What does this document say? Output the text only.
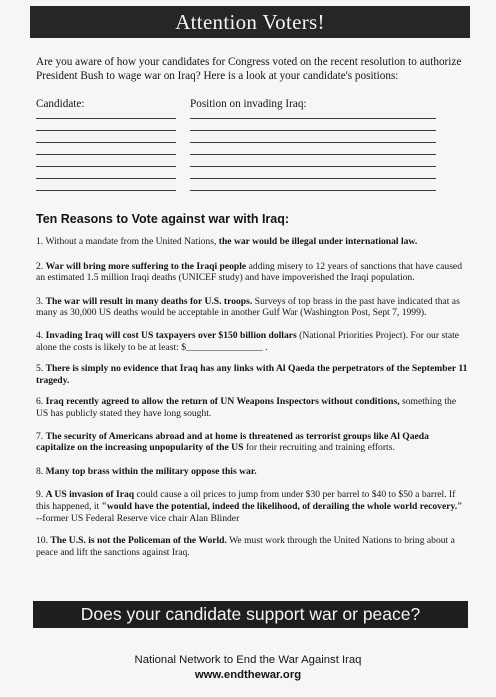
Attention Voters!
Are you aware of how your candidates for Congress voted on the recent resolution to authorize President Bush to wage war on Iraq? Here is a look at your candidate's positions:
Candidate:	Position on invading Iraq:
Ten Reasons to Vote against war with Iraq:
1. Without a mandate from the United Nations, the war would be illegal under international law.
2. War will bring more suffering to the Iraqi people adding misery to 12 years of sanctions that have caused an estimated 1.5 million Iraqi deaths (UNICEF study) and have impoverished the Iraqi population.
3. The war will result in many deaths for U.S. troops. Surveys of top brass in the past have indicated that as many as 30,000 US deaths would be acceptable in another Gulf War (Washington Post, Sept 7, 1999).
4. Invading Iraq will cost US taxpayers over $150 billion dollars (National Priorities Project). For our state alone the costs is likely to be at least: $________________ .
5. There is simply no evidence that Iraq has any links with Al Qaeda the perpetrators of the September 11 tragedy.
6. Iraq recently agreed to allow the return of UN Weapons Inspectors without conditions, something the US has publicly stated they have long sought.
7. The security of Americans abroad and at home is threatened as terrorist groups like Al Qaeda capitalize on the increasing unpopularity of the US for their recruiting and training efforts.
8. Many top brass within the military oppose this war.
9. A US invasion of Iraq could cause a oil prices to jump from under $30 per barrel to $40 to $50 a barrel. If this happened, it "would have the potential, indeed the likelihood, of derailing the whole world recovery." --former US Federal Reserve vice chair Alan Blinder
10. The U.S. is not the Policeman of the World. We must work through the United Nations to bring about a peace and lift the sanctions against Iraq.
Does your candidate support war or peace?
National Network to End the War Against Iraq
www.endthewar.org
